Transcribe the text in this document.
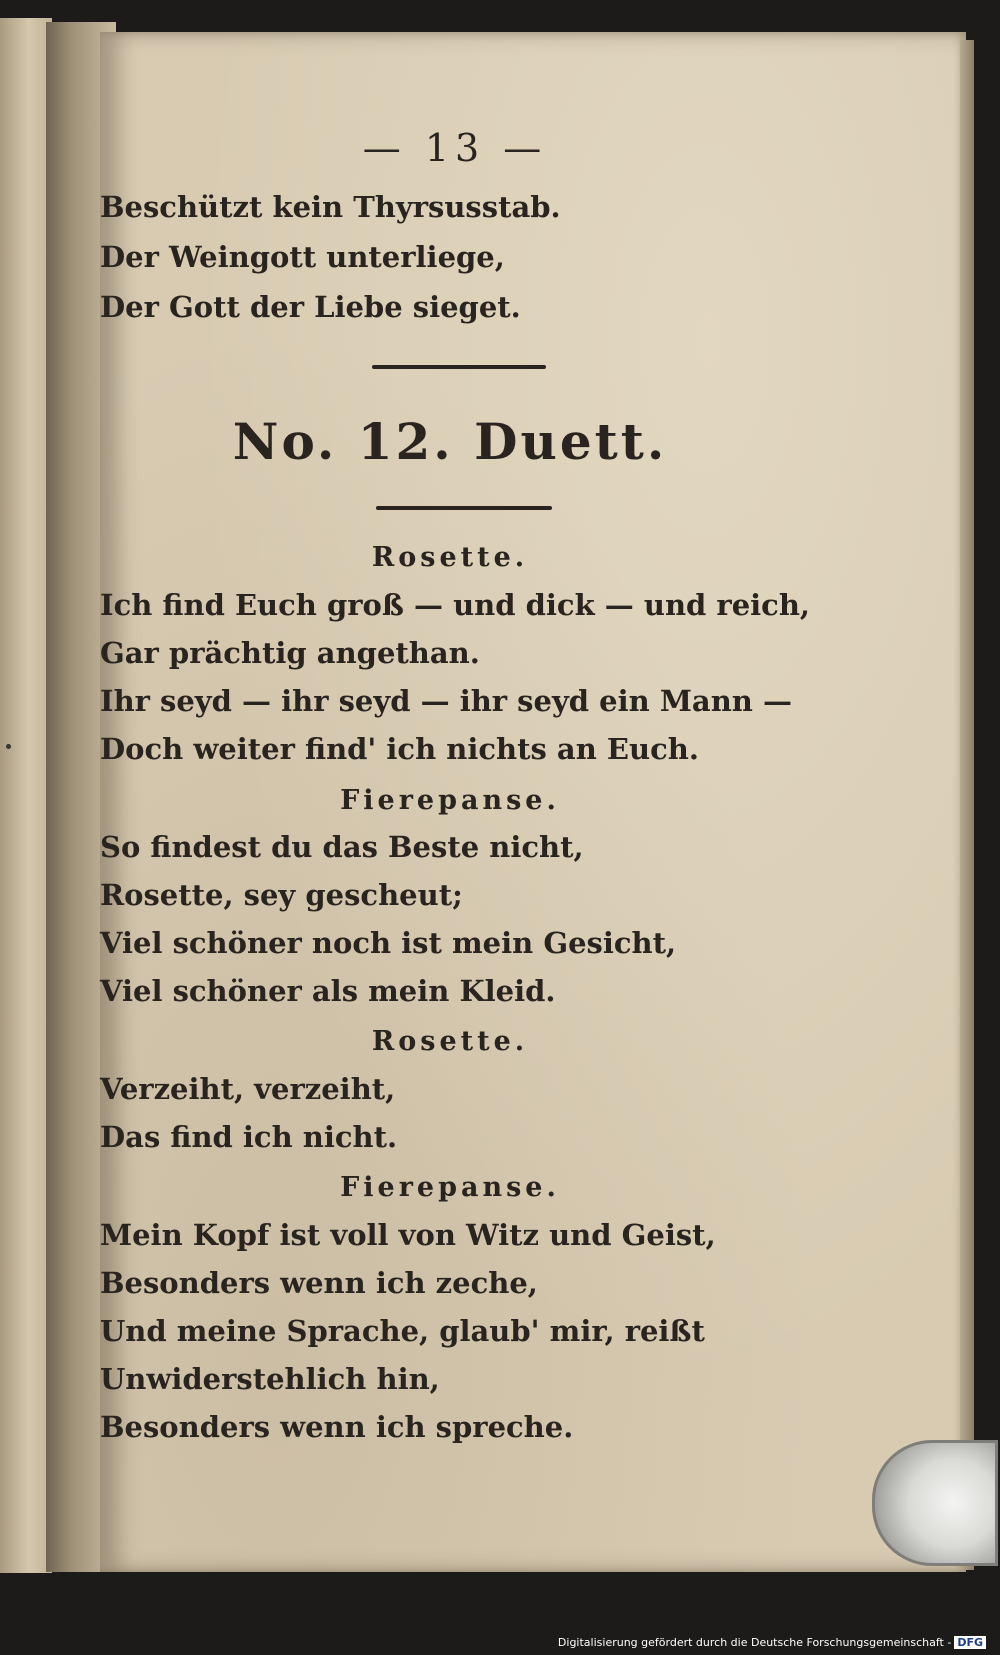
— 13 —
Beschützt kein Thyrsusstab.
Der Weingott unterliege,
Der Gott der Liebe sieget.
No. 12. Duett.
Rosette.
Ich find Euch groß — und dick — und reich,
Gar prächtig angethan.
Ihr seyd — ihr seyd — ihr seyd ein Mann —
Doch weiter find' ich nichts an Euch.
Fierepanse.
So findest du das Beste nicht,
Rosette, sey gescheut;
Viel schöner noch ist mein Gesicht,
Viel schöner als mein Kleid.
Rosette.
Verzeiht, verzeiht,
Das find ich nicht.
Fierepanse.
Mein Kopf ist voll von Witz und Geist,
Besonders wenn ich zeche,
Und meine Sprache, glaub' mir, reißt
Unwiderstehlich hin,
Besonders wenn ich spreche.
Digitalisierung gefördert durch die Deutsche Forschungsgemeinschaft - DFG
